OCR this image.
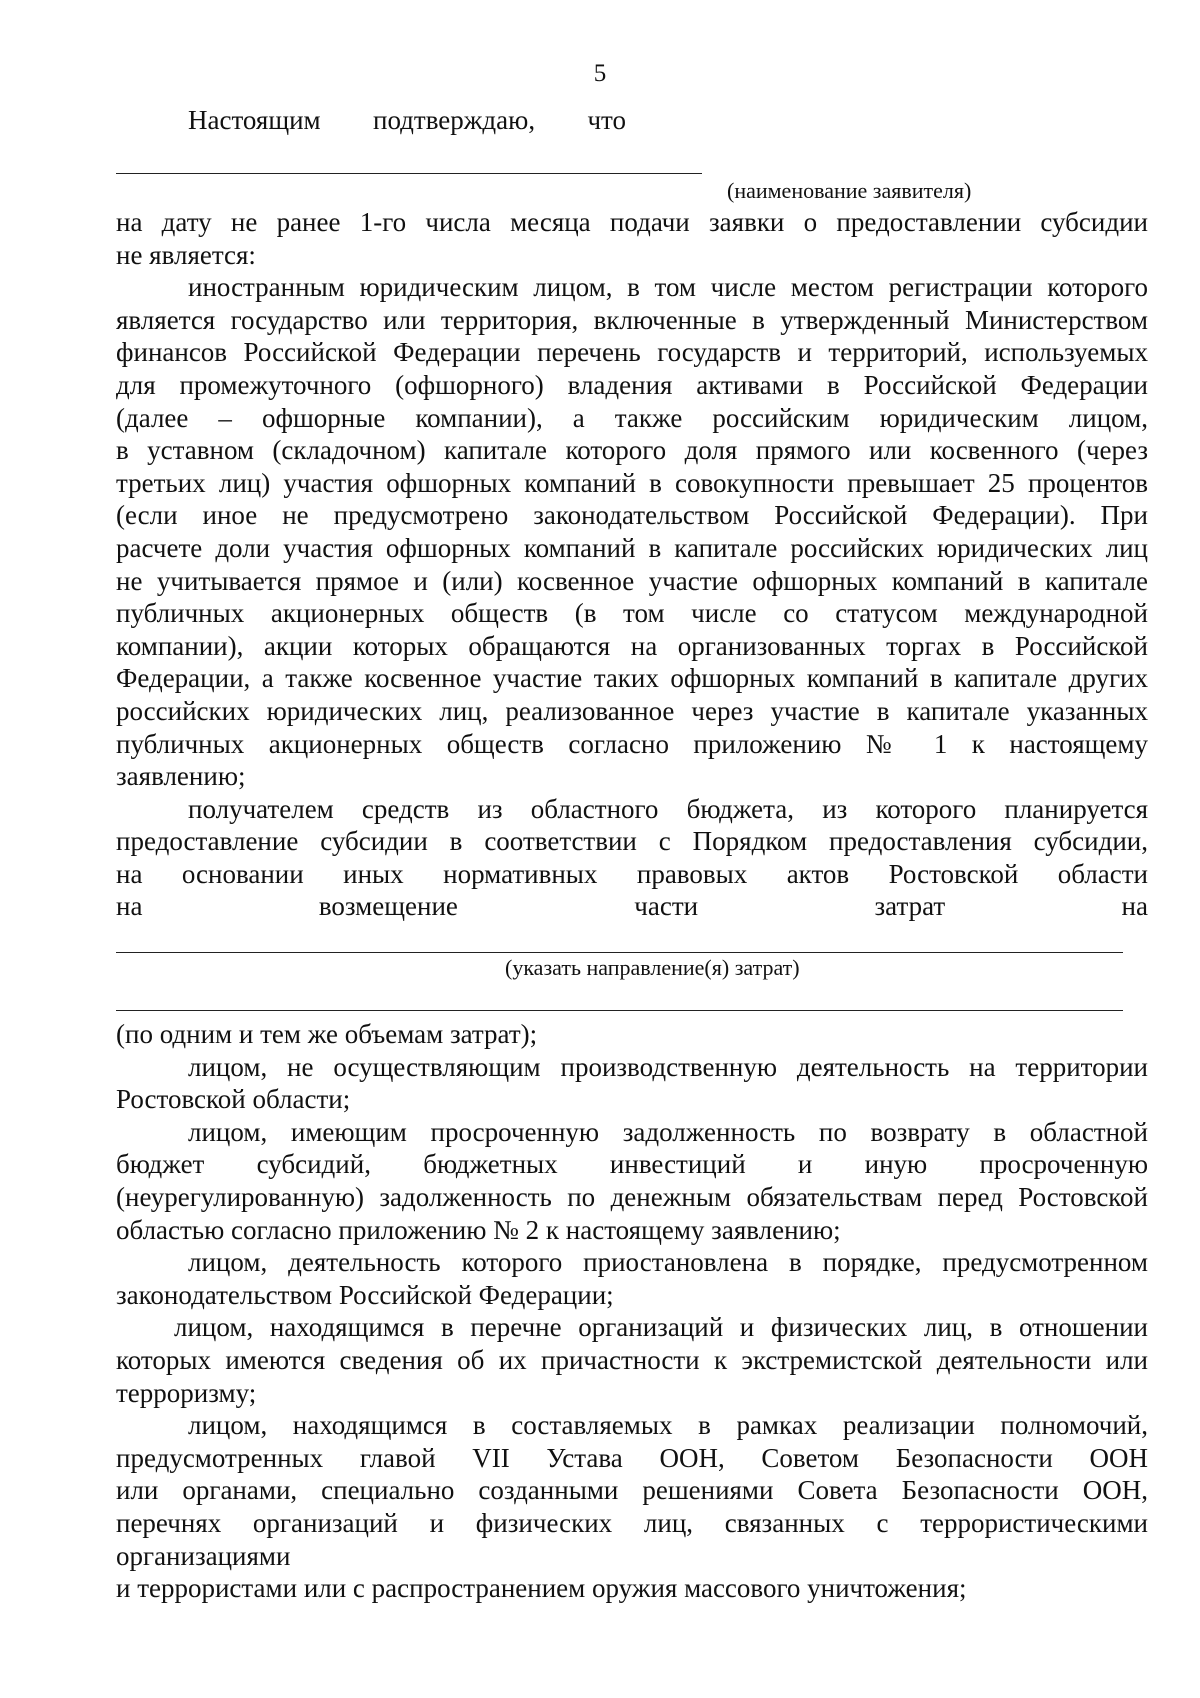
5
Настоящим подтверждаю, что
(наименование заявителя)
на дату не ранее 1-го числа месяца подачи заявки о предоставлении субсидии
не является:
иностранным юридическим лицом, в том числе местом регистрации которого
является государство или территория, включенные в утвержденный Министерством
финансов Российской Федерации перечень государств и территорий, используемых
для промежуточного (офшорного) владения активами в Российской Федерации
(далее – офшорные компании), а также российским юридическим лицом,
в уставном (складочном) капитале которого доля прямого или косвенного (через
третьих лиц) участия офшорных компаний в совокупности превышает 25 процентов
(если иное не предусмотрено законодательством Российской Федерации). При
расчете доли участия офшорных компаний в капитале российских юридических лиц
не учитывается прямое и (или) косвенное участие офшорных компаний в капитале
публичных акционерных обществ (в том числе со статусом международной
компании), акции которых обращаются на организованных торгах в Российской
Федерации, а также косвенное участие таких офшорных компаний в капитале других
российских юридических лиц, реализованное через участие в капитале указанных
публичных акционерных обществ согласно приложению № 1 к настоящему
заявлению;
получателем средств из областного бюджета, из которого планируется
предоставление субсидии в соответствии с Порядком предоставления субсидии,
на основании иных нормативных правовых актов Ростовской области
на возмещение части затрат на
(указать направление(я) затрат)
(по одним и тем же объемам затрат);
лицом, не осуществляющим производственную деятельность на территории
Ростовской области;
лицом, имеющим просроченную задолженность по возврату в областной
бюджет субсидий, бюджетных инвестиций и иную просроченную
(неурегулированную) задолженность по денежным обязательствам перед Ростовской
областью согласно приложению № 2 к настоящему заявлению;
лицом, деятельность которого приостановлена в порядке, предусмотренном
законодательством Российской Федерации;
лицом, находящимся в перечне организаций и физических лиц, в отношении
которых имеются сведения об их причастности к экстремистской деятельности или
терроризму;
лицом, находящимся в составляемых в рамках реализации полномочий,
предусмотренных главой VII Устава ООН, Советом Безопасности ООН
или органами, специально созданными решениями Совета Безопасности ООН,
перечнях организаций и физических лиц, связанных с террористическими
организациями
и террористами или с распространением оружия массового уничтожения;
